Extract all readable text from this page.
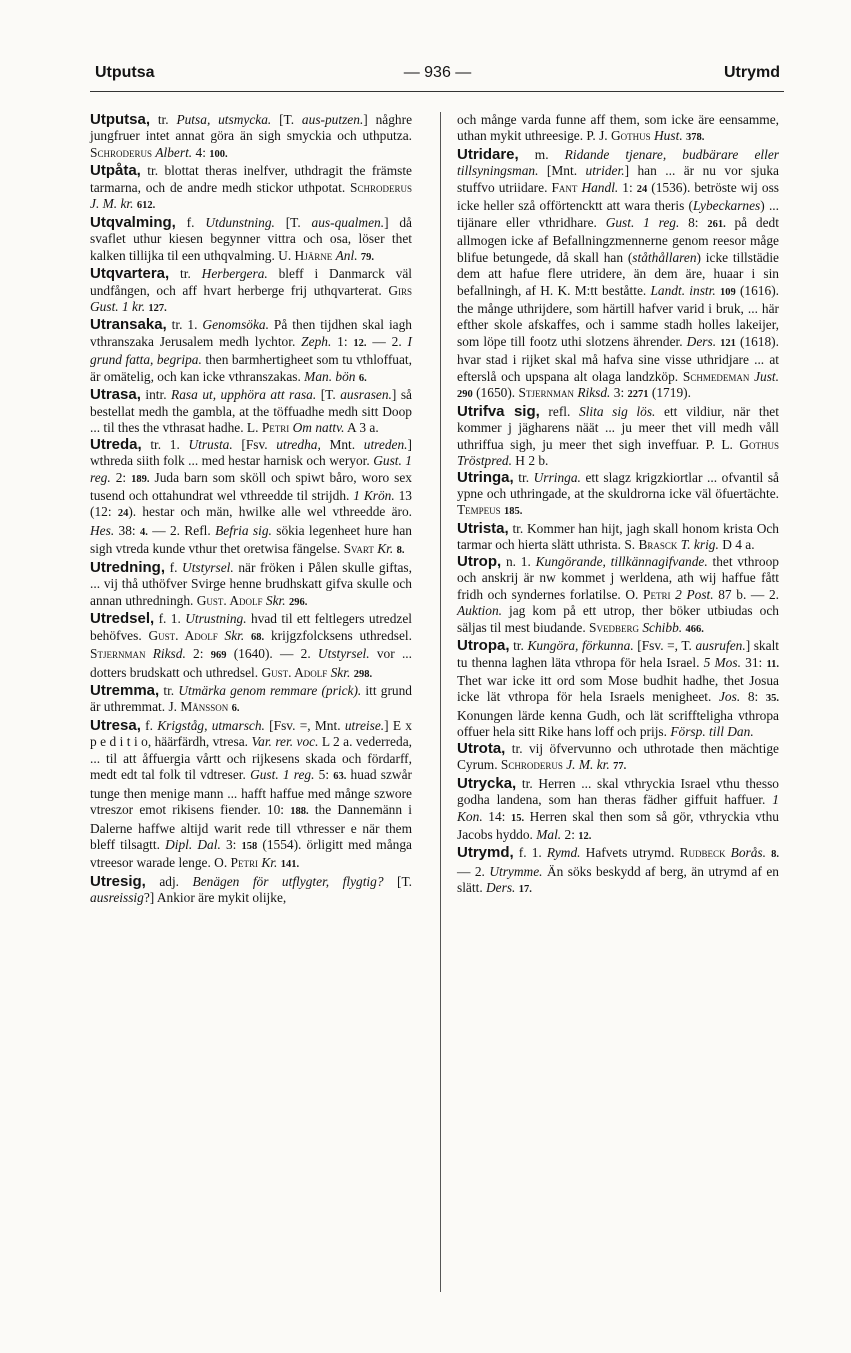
Utputsa	— 936 —	Utrymd
Utputsa, tr. Putsa, utsmycka. [T. aus-putzen.] någhre jungfruer intet annat göra än sigh smyckia och uthputza. Schroderus Albert. 4: 100.
Utpåta, tr. blottat theras inelfver, uthdragit the främste tarmarna, och de andre medh stickor uthpotat. Schroderus J. M. kr. 612.
Utqvalming, f. Utdunstning. [T. aus-qualmen.] då svaflet uthur kiesen begynner vittra och osa, löser thet kalken tillijka til een uthqvalming. U. Hjärne Anl. 79.
Utqvartera, tr. Herbergera. bleff i Danmarck väl undfången, och aff hvart herberge frij uthqvarterat. Girs Gust. 1 kr. 127.
Utransaka, tr. 1. Genomsöka. På then tijdhen skal iagh vthranszaka Jerusalem medh lychtor. Zeph. 1: 12. — 2. I grund fatta, begripa. then barmhertigheet som tu vthloffuat, är omätelig, och kan icke vthranszakas. Man. bön 6.
Utrasa, intr. Rasa ut, upphöra att rasa. [T. ausrasen.] så bestellat medh the gambla, at the töffuadhe medh sitt Doop ... til thes the vthrasat hadhe. L. Petri Om nattv. A 3 a.
Utreda, tr. 1. Utrusta. [Fsv. utredha, Mnt. utreden.] wthreda siith folk ... med hestar harnisk och weryor. Gust. 1 reg. 2: 189. Juda barn som sköll och spiwt båro, woro sex tusend och ottahundrat wel vthreedde til strijdh. 1 Krön. 13 (12: 24). hestar och män, hwilke alle wel vthreedde äro. Hes. 38: 4. — 2. Refl. Befria sig. sökia legenheet hure han sigh vtreda kunde vthur thet oretwisa fängelse. Svart Kr. 8.
Utredning, f. Utstyrsel. när fröken i Pålen skulle giftas, ... vij thå uthöfver Svirge henne brudhskatt gifva skulle och annan uthredningh. Gust. Adolf Skr. 296.
Utredsel, f. 1. Utrustning. hvad til ett feltlegers utredzel behöfves. Gust. Adolf Skr. 68. krijgzfolcksens uthredsel. Stjernman Riksd. 2: 969 (1640). — 2. Utstyrsel. vor ... dotters brudskatt och uthredsel. Gust. Adolf Skr. 298.
Utremma, tr. Utmärka genom remmare (prick). itt grund är uthremmat. J. Månsson 6.
Utresa, f. Krigståg, utmarsch. [Fsv. =, Mnt. utreise.] E x p e d i t i o, häärfärdh, vtresa. Var. rer. voc. L 2 a. vederreda, ... til att åffuergia vårtt och rijkesens skada och fördarff, medt edt tal folk til vdtreser. Gust. 1 reg. 5: 63. huad szwår tunge then menige mann ... hafft haffue med månge szwore vtreszor emot rikisens fiender. 10: 188. the Dannemänn i Dalerne haffwe altijd warit rede till vthresser e när them bleff tilsagtt. Dipl. Dal. 3: 158 (1554). örligitt med många vtreesor warade lenge. O. Petri Kr. 141.
Utresig, adj. Benägen för utflygter, flygtig? [T. ausreissig?] Ankior äre mykit olijke,
och månge varda funne aff them, som icke äre eensamme, uthan mykit uthreesige. P. J. Gothus Hust. 378.
Utridare, m. Ridande tjenare, budbärare eller tillsyningsman. [Mnt. utrider.] han ... är nu vor sjuka stuffvo utriidare. Fant Handl. 1: 24 (1536). betröste wij oss icke heller szå offörtencktt att wara theris (Lybeckarnes) ... tijänare eller vthridhare. Gust. 1 reg. 8: 261. på dedt allmogen icke af Befallningzmennerne genom reesor måge blifue betungede, då skall han (ståthållaren) icke tillstädie dem att hafue flere utridere, än dem äre, huaar i sin befallningh, af H. K. M:tt beståtte. Landt. instr. 109 (1616). the månge uthrijdere, som härtill hafver varid i bruk, ... här efther skole afskaffes, och i samme stadh holles lakeijer, som löpe till footz uthi slotzens ährender. Ders. 121 (1618). hvar stad i rijket skal må hafva sine visse uthridjare ... at efterslå och upspana alt olaga landzköp. Schmedeman Just. 290 (1650). Stjernman Riksd. 3: 2271 (1719).
Utrifva sig, refl. Slita sig lös. ett vildiur, när thet kommer j jägharens näät ... ju meer thet vill medh våll uthriffua sigh, ju meer thet sigh inveffuar. P. L. Gothus Tröstpred. H 2 b.
Utringa, tr. Urringa. ett slagz krigzkiortlar ... ofvantil så ypne och uthringade, at the skuldrorna icke väl öfuertächte. Tempeus 185.
Utrista, tr. Kommer han hijt, jagh skall honom krista Och tarmar och hierta slätt uthrista. S. Brasck T. krig. D 4 a.
Utrop, n. 1. Kungörande, tillkännagifvande. thet vthroop och anskrij är nw kommet j werldena, ath wij haffue fått fridh och syndernes forlatilse. O. Petri 2 Post. 87 b. — 2. Auktion. jag kom på ett utrop, ther böker utbiudas och säljas til mest biudande. Svedberg Schibb. 466.
Utropa, tr. Kungöra, förkunna. [Fsv. =, T. ausrufen.] skalt tu thenna laghen läta vthropa för hela Israel. 5 Mos. 31: 11. Thet war icke itt ord som Mose budhit hadhe, thet Josua icke lät vthropa för hela Israels menigheet. Jos. 8: 35. Konungen lärde kenna Gudh, och lät scriffteligha vthropa offuer hela sitt Rike hans loff och prijs. Försp. till Dan.
Utrota, tr. vij öfvervunno och uthrotade then mächtige Cyrum. Schroderus J. M. kr. 77.
Utrycka, tr. Herren ... skal vthryckia Israel vthu thesso godha landena, som han theras fädher giffuit haffuer. 1 Kon. 14: 15. Herren skal then som så gör, vthryckia vthu Jacobs hyddo. Mal. 2: 12.
Utrymd, f. 1. Rymd. Hafvets utrymd. Rudbeck Borås. 8. — 2. Utrymme. Än söks beskydd af berg, än utrymd af en slätt. Ders. 17.
